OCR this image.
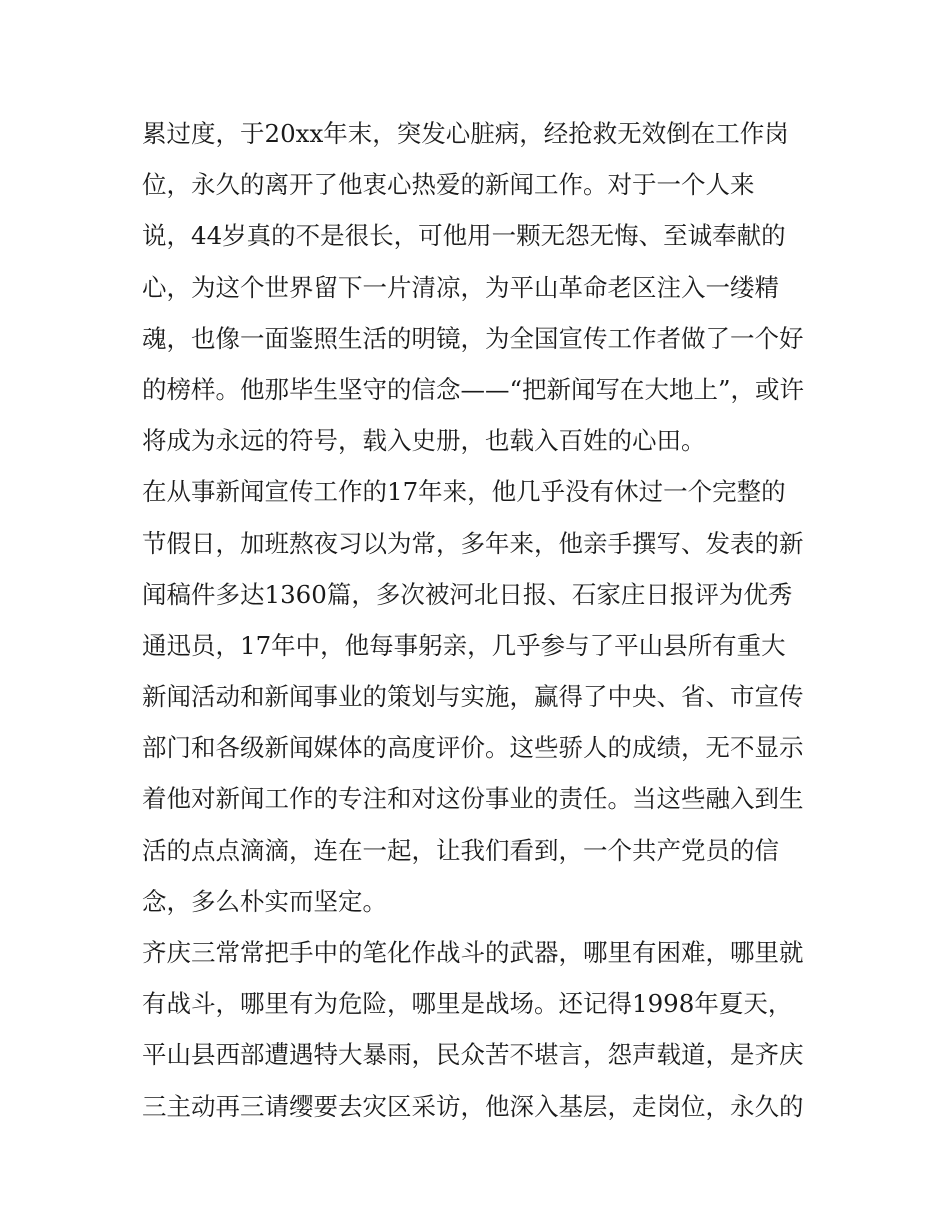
累过度，于20xx年末，突发心脏病，经抢救无效倒在工作岗
位，永久的离开了他衷心热爱的新闻工作。对于一个人来
说，44岁真的不是很长，可他用一颗无怨无悔、至诚奉献的
心，为这个世界留下一片清凉，为平山革命老区注入一缕精
魂，也像一面鉴照生活的明镜，为全国宣传工作者做了一个好
的榜样。他那毕生坚守的信念——“把新闻写在大地上”，或许
将成为永远的符号，载入史册，也载入百姓的心田。
在从事新闻宣传工作的17年来，他几乎没有休过一个完整的
节假日，加班熬夜习以为常，多年来，他亲手撰写、发表的新
闻稿件多达1360篇，多次被河北日报、石家庄日报评为优秀
通迅员，17年中，他每事躬亲，几乎参与了平山县所有重大
新闻活动和新闻事业的策划与实施，赢得了中央、省、市宣传
部门和各级新闻媒体的高度评价。这些骄人的成绩，无不显示
着他对新闻工作的专注和对这份事业的责任。当这些融入到生
活的点点滴滴，连在一起，让我们看到，一个共产党员的信
念，多么朴实而坚定。
齐庆三常常把手中的笔化作战斗的武器，哪里有困难，哪里就
有战斗，哪里有为危险，哪里是战场。还记得1998年夏天，
平山县西部遭遇特大暴雨，民众苦不堪言，怨声载道，是齐庆
三主动再三请缨要去灾区采访，他深入基层，走岗位，永久的
